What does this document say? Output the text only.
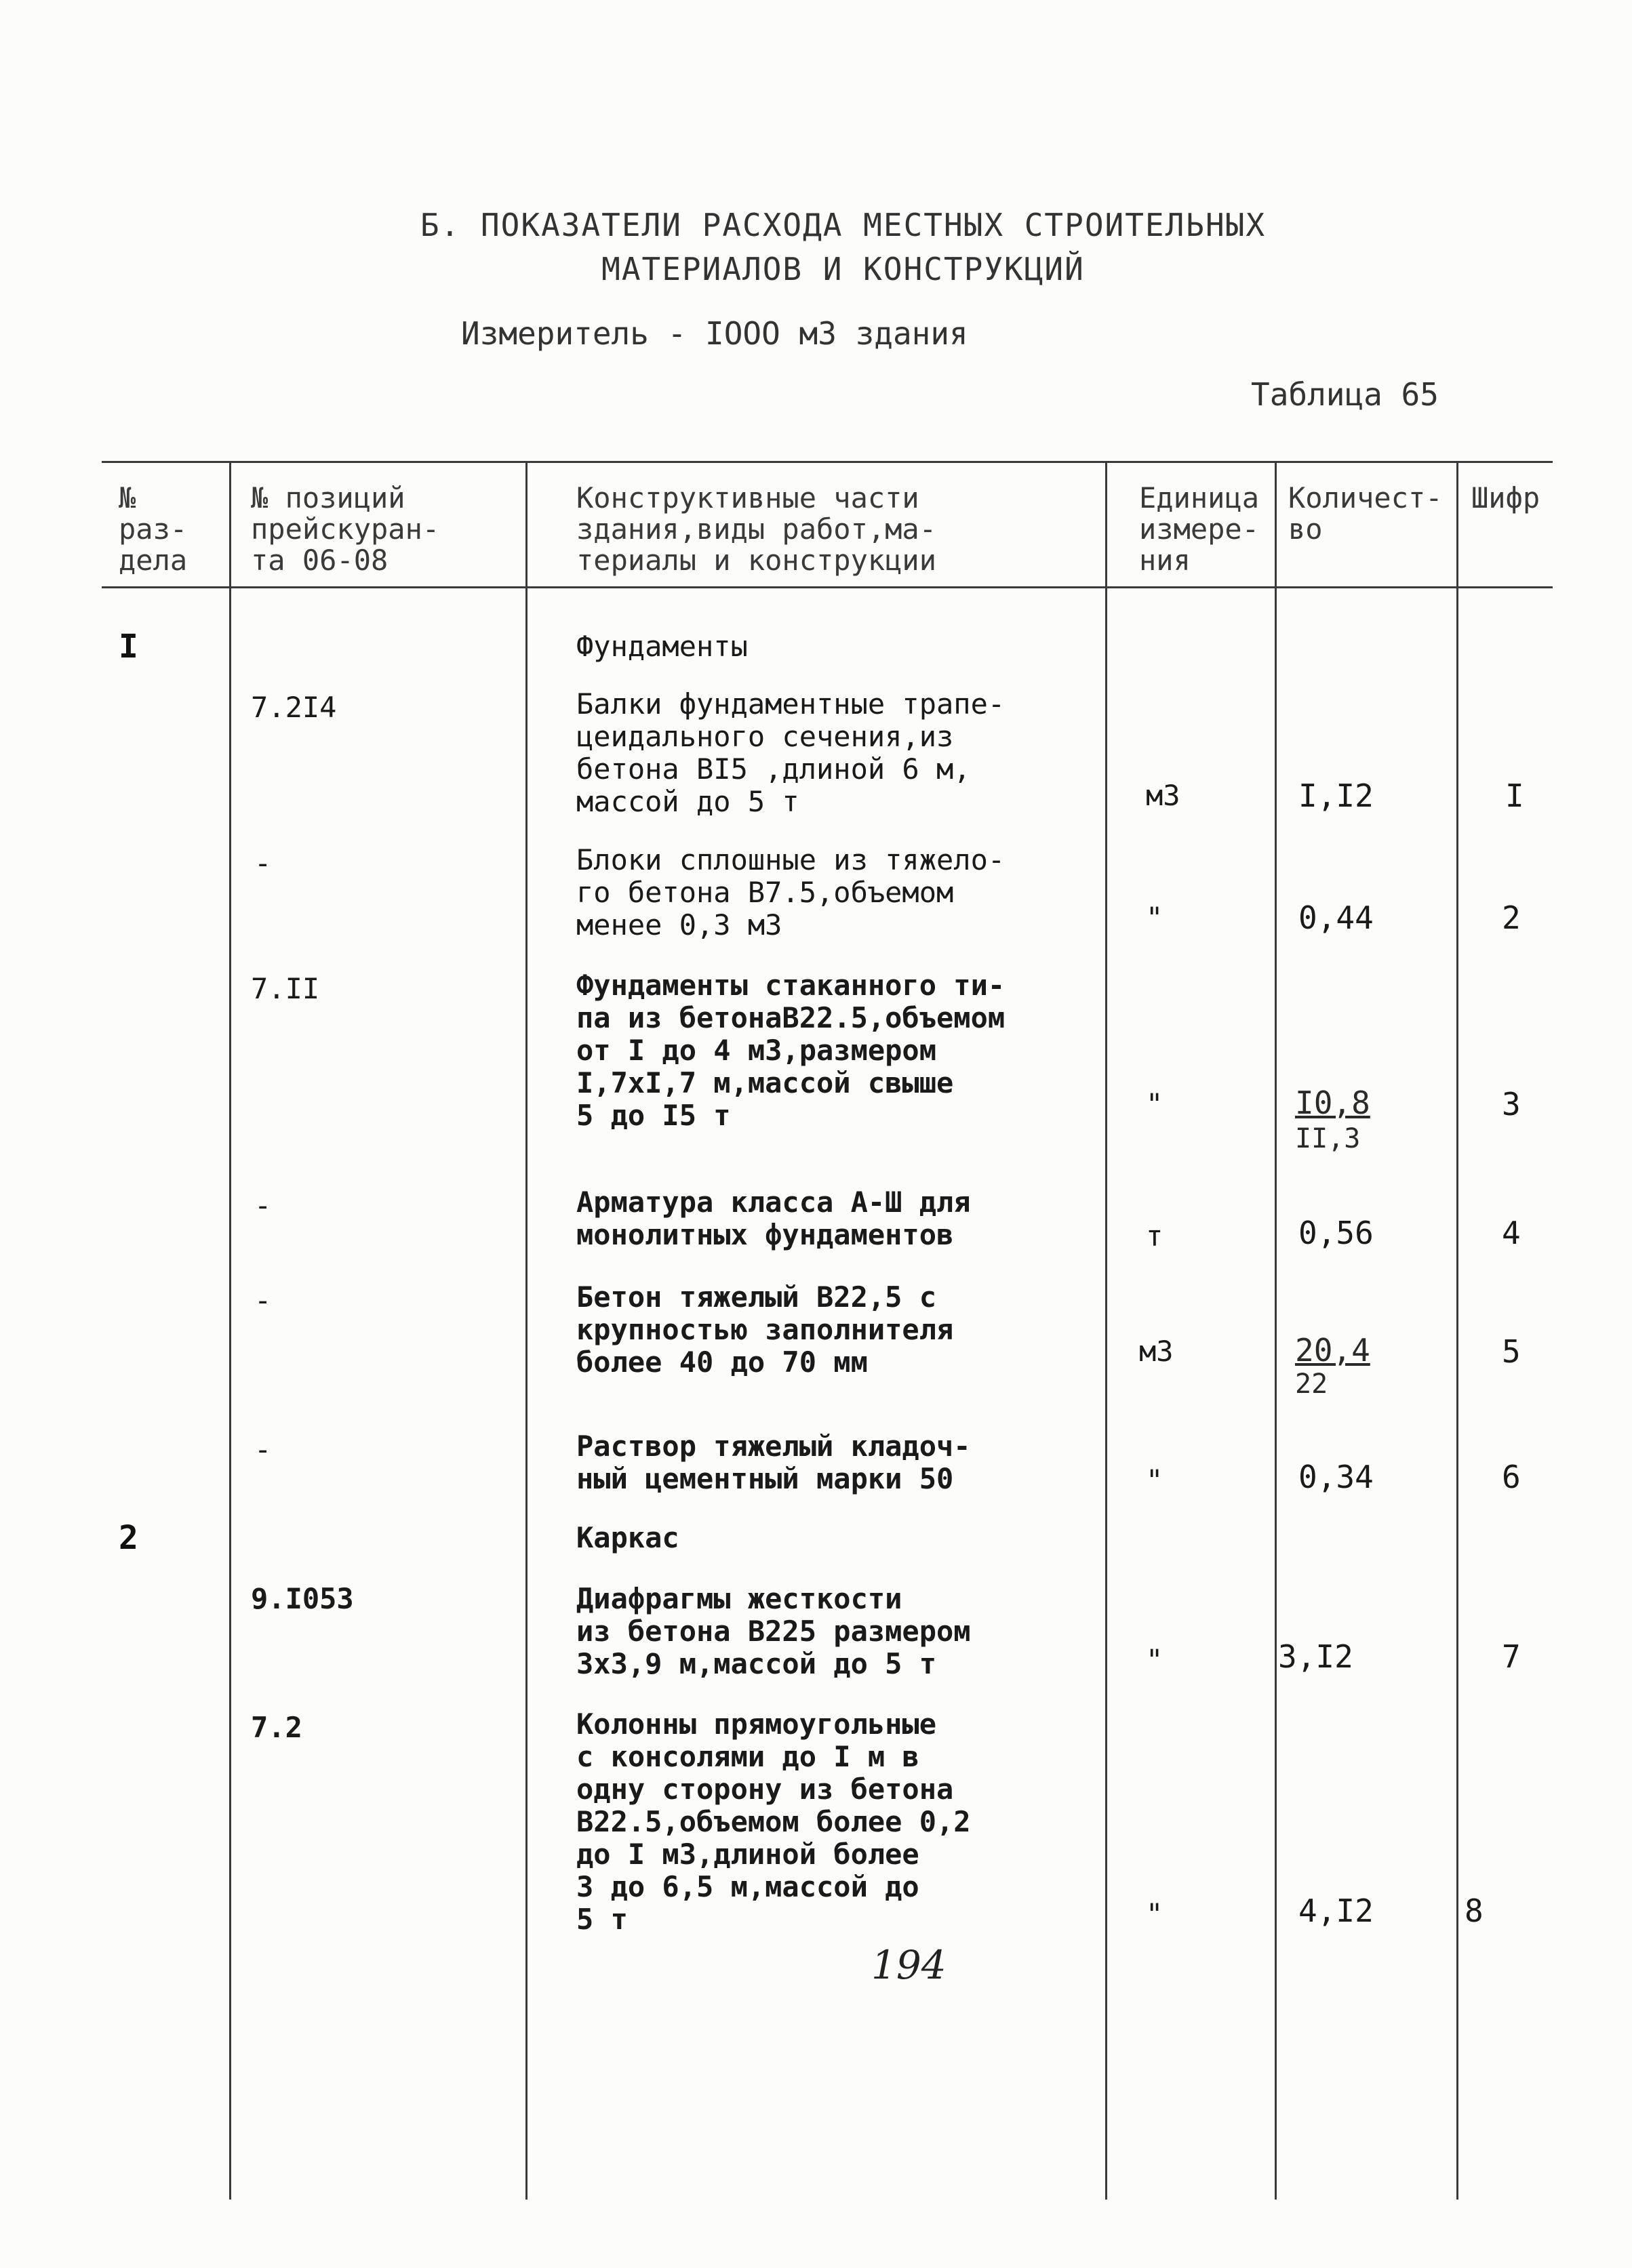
Б. ПОКАЗАТЕЛИ РАСХОДА МЕСТНЫХ СТРОИТЕЛЬНЫХ
МАТЕРИАЛОВ И КОНСТРУКЦИЙ
Измеритель - IOOO м3 здания
Таблица 65
№
раз-
дела
№ позиций
прейскуран-
та 06-08
Конструктивные части
здания,виды работ,ма-
териалы и конструкции
Единица
измере-
ния
Количест-
во
Шифр
I	Фундаменты
7.2I4	Балки фундаментные трапе-
цеидального сечения,из
бетона BI5 ,длиной 6 м,
массой до 5 т	м3	I,I2	I
-	Блоки сплошные из тяжело-
го бетона В7.5,объемом
менее 0,3 м3	"	0,44	2
7.II	Фундаменты стаканного ти-
па из бетонаВ22.5,объемом
от I до 4 м3,размером
I,7xI,7 м,массой свыше
5 до I5 т	"	I0,8
II,3
3
-	Арматура класса А-Ш для
монолитных фундаментов	т	0,56	4
-	Бетон тяжелый В22,5 с
крупностью заполнителя
более 40 до 70 мм	м3	20,4
22
5
-	Раствор тяжелый кладоч-
ный цементный марки 50	"	0,34	6
2	Каркас
9.I053	Диафрагмы жесткости
из бетона В225 размером
3х3,9 м,массой до 5 т	"	3,I2	7
7.2	Колонны прямоугольные
с консолями до I м в
одну сторону из бетона
В22.5,объемом более 0,2
до I м3,длиной более
3 до 6,5 м,массой до
5 т	"	4,I2	8
194
